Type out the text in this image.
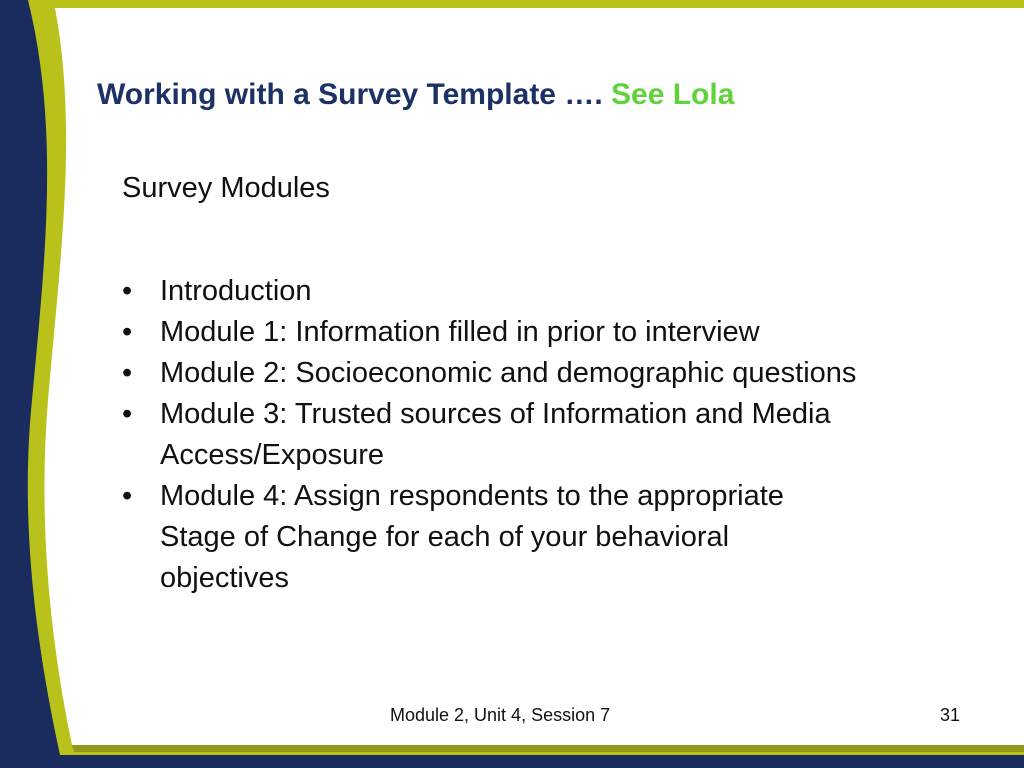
Working with a Survey Template …. See Lola

Survey Modules

• Introduction
• Module 1: Information filled in prior to interview
• Module 2: Socioeconomic and demographic questions
• Module 3: Trusted sources of Information and Media Access/Exposure
• Module 4: Assign respondents to the appropriate Stage of Change for each of your behavioral objectives
Module 2, Unit 4, Session 7	31
